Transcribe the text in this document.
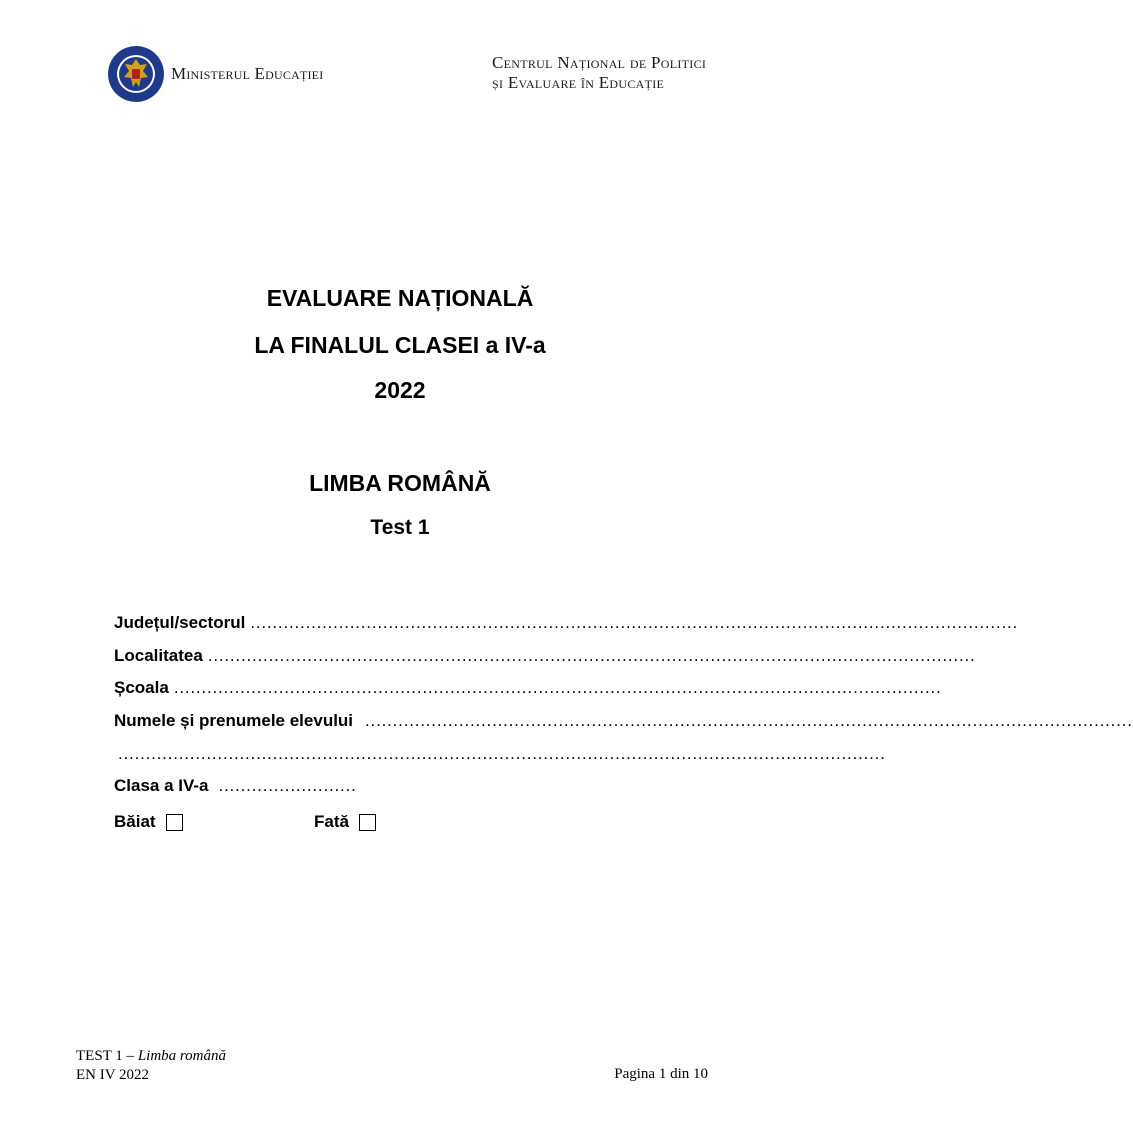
Ministerul Educației
Centrul Național de Politici
și Evaluare în Educație
EVALUARE NAȚIONALĂ
LA FINALUL CLASEI a IV-a
2022
LIMBA ROMÂNĂ
Test 1
Județul/sectorul ...........................................................................................................................................
Localitatea ...........................................................................................................................................
Școala ...........................................................................................................................................
Numele și prenumele elevului ...........................................................................................................................................
...........................................................................................................................................
Clasa a IV-a .........................
Băiat	Fată
TEST 1 – Limba română
EN IV 2022	Pagina 1 din 10
